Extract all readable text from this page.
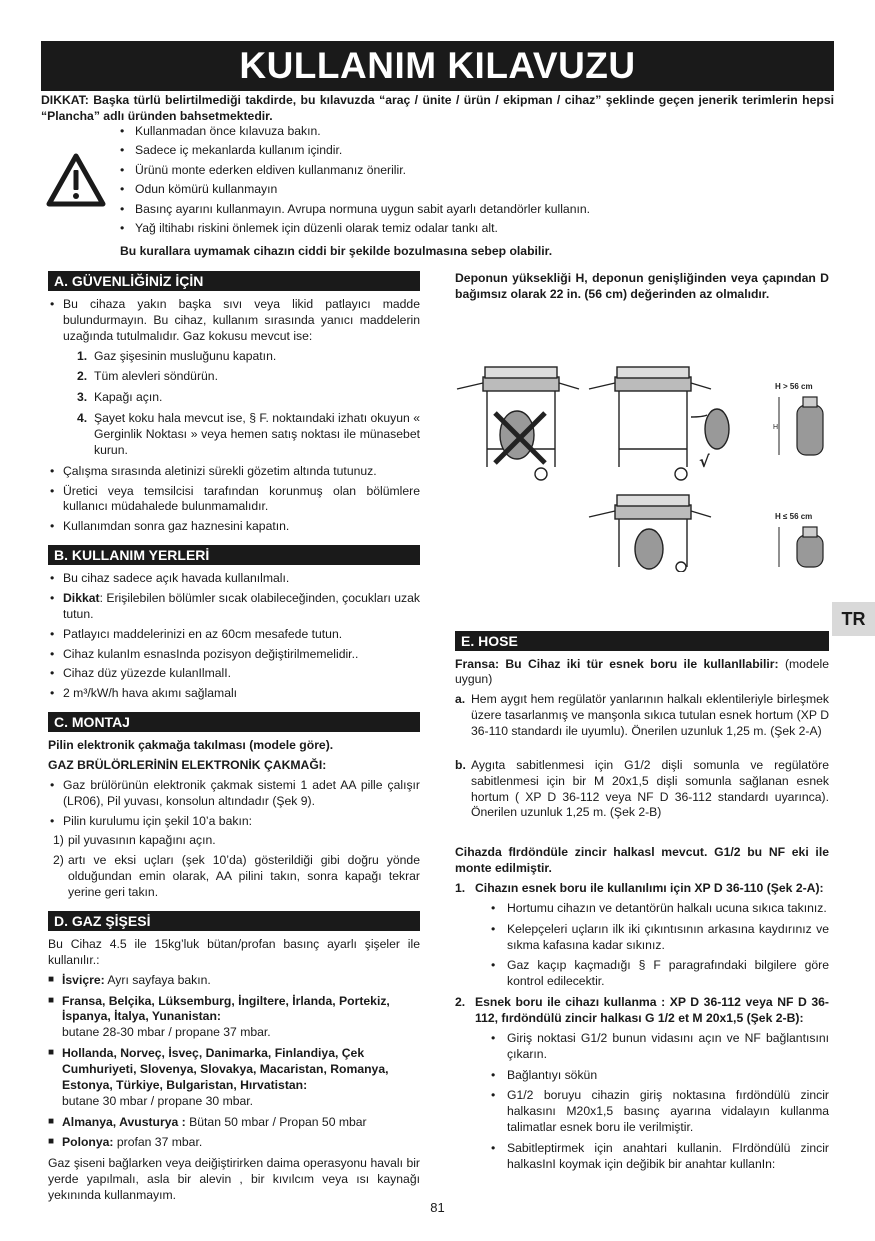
KULLANIM KILAVUZU
DIKKAT: Başka türlü belirtilmediği takdirde, bu kılavuzda “araç / ünite / ürün / ekipman / cihaz” şeklinde geçen jenerik terimlerin hepsi “Plancha” adlı üründen bahsetmektedir.
• Kullanmadan önce kılavuza bakın.
• Sadece iç mekanlarda kullanım içindir.
• Ürünü monte ederken eldiven kullanmanız önerilir.
• Odun kömürü kullanmayın
• Basınç ayarını kullanmayın. Avrupa normuna uygun sabit ayarlı detandörler kullanın.
• Yağ iltihabı riskini önlemek için düzenli olarak temiz odalar tankı alt.
Bu kurallara uymamak cihazın ciddi bir şekilde bozulmasına sebep olabilir.
A. GÜVENLİĞİNİZ İÇİN
• Bu cihaza yakın başka sıvı veya likid patlayıcı madde bulundurmayın. Bu cihaz, kullanım sırasında yanıcı maddelerin uzağında tutulmalıdır. Gaz kokusu mevcut ise:
1. Gaz şişesinin musluğunu kapatın.
2. Tüm alevleri söndürün.
3. Kapağı açın.
4. Şayet koku hala mevcut ise, § F. noktaındaki izhatı okuyun « Gerginlik Noktası » veya hemen satış noktası ile münasebet kurun.
• Çalışma sırasında aletinizi sürekli gözetim altında tutunuz.
• Üretici veya temsilcisi tarafından korunmuş olan bölümlere kullanıcı müdahalede bulunmamalıdır.
• Kullanımdan sonra gaz haznesini kapatın.
B. KULLANIM YERLERİ
• Bu cihaz sadece açık havada kullanılmalı.
• Dikkat: Erişilebilen bölümler sıcak olabileceğinden, çocukları uzak tutun.
• Patlayıcı maddelerinizi en az 60cm mesafede tutun.
• Cihaz kulanIm esnasInda pozisyon değiştirilmemelidir..
• Cihaz düz yüzezde kulanIlmalI.
• 2 m³/kW/h hava akımı sağlamalı
C. MONTAJ
Pilin elektronik çakmağa takılması (modele göre).
GAZ BRÜLÖRLERİNİN ELEKTRONİK ÇAKMAĞI:
• Gaz brülörünün elektronik çakmak sistemi 1 adet AA pille çalışır (LR06), Pil yuvası, konsolun altındadır (Şek 9).
• Pilin kurulumu için şekil 10’a bakın:
1) pil yuvasının kapağını açın.
2) artı ve eksi uçları (şek 10’da) gösterildiği gibi doğru yönde olduğundan emin olarak, AA pilini takın, sonra kapağı tekrar yerine geri takın.
D. GAZ ŞİŞESİ
Bu Cihaz 4.5 ile 15kg’luk bütan/profan basınç ayarlı şişeler ile kullanılır.:
■ İsviçre: Ayrı sayfaya bakın.
■ Fransa, Belçika, Lüksemburg, İngiltere, İrlanda, Portekiz, İspanya, İtalya, Yunanistan:
butane 28-30 mbar / propane 37 mbar.
■ Hollanda, Norveç, İsveç, Danimarka, Finlandiya, Çek Cumhuriyeti, Slovenya, Slovakya, Macaristan, Romanya, Estonya, Türkiye, Bulgaristan, Hırvatistan:
butane 30 mbar / propane 30 mbar.
■ Almanya, Avusturya : Bütan 50 mbar / Propan 50 mbar
■ Polonya: profan 37 mbar.
Gaz şiseni bağlarken veya deiğiştirirken daima operasyonu havalı bir yerde yapılmalı, asla bir alevin , bir kıvılcım veya ısı kaynağı yekınında kullanmayım.
Deponun yüksekliği H, deponun genişliğinden veya çapından D bağımsız olarak 22 in. (56 cm) değerinden az olmalıdır.
√
H > 56 cm
H
H ≤ 56 cm
E. HOSE
Fransa: Bu Cihaz iki tür esnek boru ile kullanIlabilir: (modele uygun)
a. Hem aygıt hem regülatör yanlarının halkalı eklentileriyle birleşmek üzere tasarlanmış ve manşonla sıkıca tutulan esnek hortum (XP D 36-110 standardı ile uyumlu). Önerilen uzunluk 1,25 m. (Şek 2-A)
b. Aygıta sabitlenmesi için G1/2 dişli somunla ve regülatöre sabitlenmesi için bir M 20x1,5 dişli somunla sağlanan esnek hortum ( XP D 36-112 veya NF D 36-112 standardı uyarınca). Önerilen uzunluk 1,25 m. (Şek 2-B)
Cihazda fIrdöndüle zincir halkasl mevcut. G1/2 bu NF eki ile monte edilmiştir.
1. Cihazın esnek boru ile kullanılımı için XP D 36-110 (Şek 2-A):
• Hortumu cihazın ve detantörün halkalı ucuna sıkıca takınız.
• Kelepçeleri uçların ilk iki çıkıntısının arkasına kaydırınız ve sıkma kafasına kadar sıkınız.
• Gaz kaçıp kaçmadığı § F paragrafındaki bilgilere göre kontrol edilecektir.
2. Esnek boru ile cihazı kullanma : XP D 36-112 veya NF D 36-112, fırdöndülü zincir halkası G 1/2 et M 20x1,5 (Şek 2-B):
• Giriş noktasi G1/2 bunun vidasını açın ve NF bağlantısını çıkarın.
• Bağlantıyı sökün
• G1/2 boruyu cihazin giriş noktasına fırdöndülü zincir halkasını M20x1,5 basınç ayarına vidalayın kullanma talimatlar esnek boru ile verilmiştir.
• Sabitleptirmek için anahtari kullanin. FIrdöndülü zincir halkasInI koymak için değibik bir anahtar kullanIn:
TR
81
